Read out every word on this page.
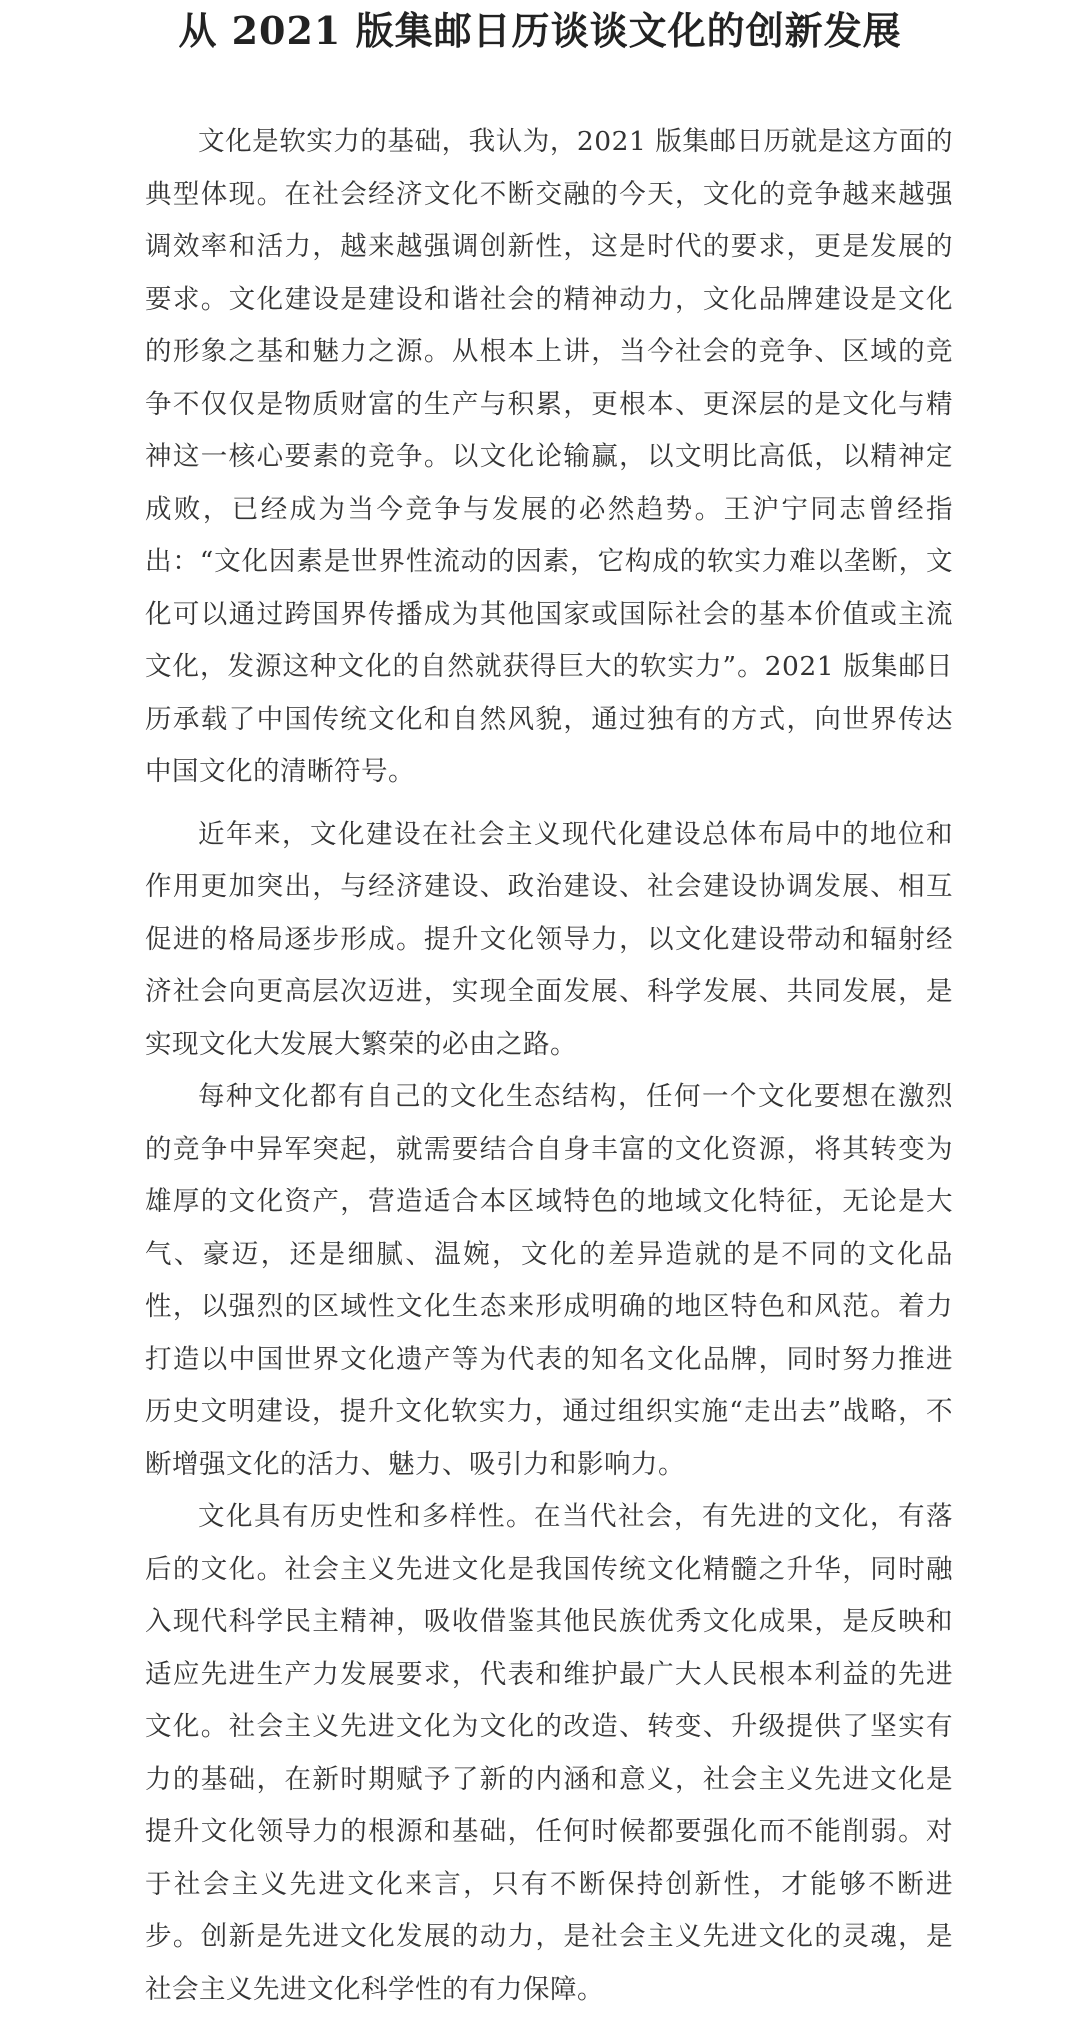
从 2021 版集邮日历谈谈文化的创新发展

文化是软实力的基础，我认为，2021 版集邮日历就是这方面的典型体现。在社会经济文化不断交融的今天，文化的竞争越来越强调效率和活力，越来越强调创新性，这是时代的要求，更是发展的要求。文化建设是建设和谐社会的精神动力，文化品牌建设是文化的形象之基和魅力之源。从根本上讲，当今社会的竞争、区域的竞争不仅仅是物质财富的生产与积累，更根本、更深层的是文化与精神这一核心要素的竞争。以文化论输赢，以文明比高低，以精神定成败，已经成为当今竞争与发展的必然趋势。王沪宁同志曾经指出：“文化因素是世界性流动的因素，它构成的软实力难以垄断，文化可以通过跨国界传播成为其他国家或国际社会的基本价值或主流文化，发源这种文化的自然就获得巨大的软实力”。2021 版集邮日历承载了中国传统文化和自然风貌，通过独有的方式，向世界传达中国文化的清晰符号。

近年来，文化建设在社会主义现代化建设总体布局中的地位和作用更加突出，与经济建设、政治建设、社会建设协调发展、相互促进的格局逐步形成。提升文化领导力，以文化建设带动和辐射经济社会向更高层次迈进，实现全面发展、科学发展、共同发展，是实现文化大发展大繁荣的必由之路。

每种文化都有自己的文化生态结构，任何一个文化要想在激烈的竞争中异军突起，就需要结合自身丰富的文化资源，将其转变为雄厚的文化资产，营造适合本区域特色的地域文化特征，无论是大气、豪迈，还是细腻、温婉，文化的差异造就的是不同的文化品性，以强烈的区域性文化生态来形成明确的地区特色和风范。着力打造以中国世界文化遗产等为代表的知名文化品牌，同时努力推进历史文明建设，提升文化软实力，通过组织实施“走出去”战略，不断增强文化的活力、魅力、吸引力和影响力。

文化具有历史性和多样性。在当代社会，有先进的文化，有落后的文化。社会主义先进文化是我国传统文化精髓之升华，同时融入现代科学民主精神，吸收借鉴其他民族优秀文化成果，是反映和适应先进生产力发展要求，代表和维护最广大人民根本利益的先进文化。社会主义先进文化为文化的改造、转变、升级提供了坚实有力的基础，在新时期赋予了新的内涵和意义，社会主义先进文化是提升文化领导力的根源和基础，任何时候都要强化而不能削弱。对于社会主义先进文化来言，只有不断保持创新性，才能够不断进步。创新是先进文化发展的动力，是社会主义先进文化的灵魂，是社会主义先进文化科学性的有力保障。
